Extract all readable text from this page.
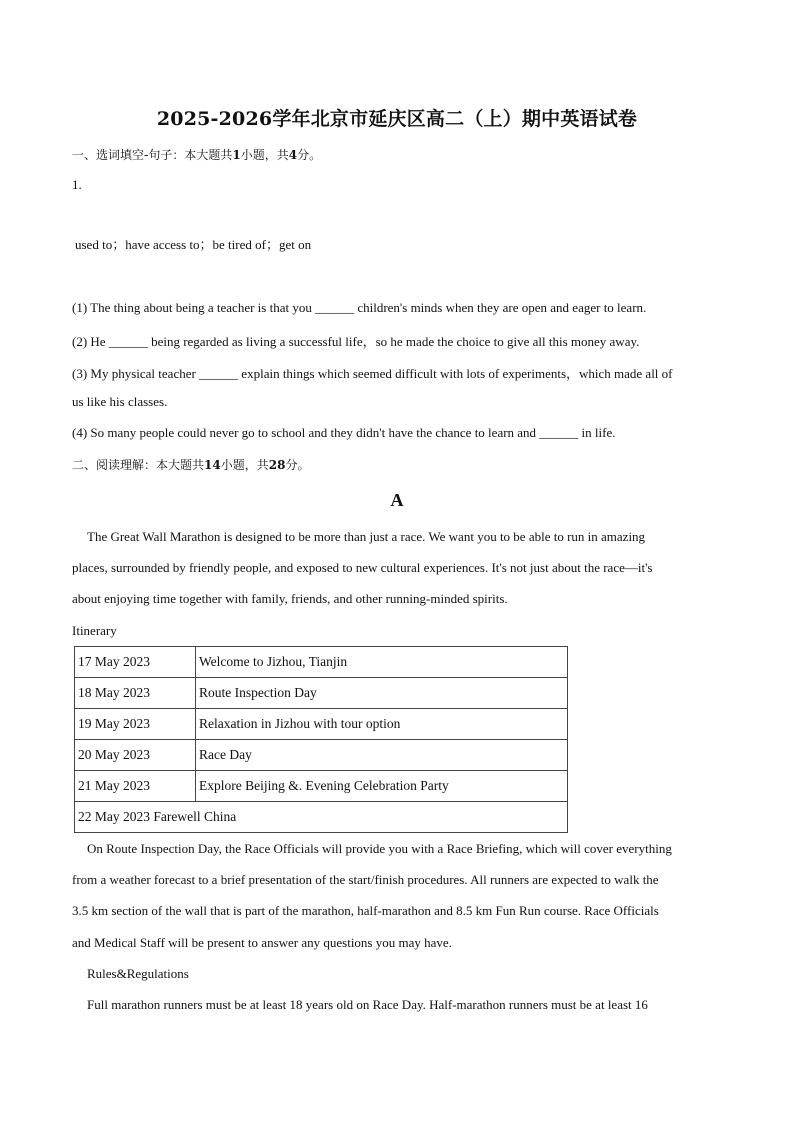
2025-2026学年北京市延庆区高二（上）期中英语试卷
一、选词填空-句子：本大题共1小题，共4分。
1.
used to；have access to；be tired of；get on
(1) The thing about being a teacher is that you ______ children's minds when they are open and eager to learn.
(2) He ______ being regarded as living a successful life，so he made the choice to give all this money away.
(3) My physical teacher ______ explain things which seemed difficult with lots of experiments，which made all of
us like his classes.
(4) So many people could never go to school and they didn't have the chance to learn and ______ in life.
二、阅读理解：本大题共14小题，共28分。
A
The Great Wall Marathon is designed to be more than just a race. We want you to be able to run in amazing
places, surrounded by friendly people, and exposed to new cultural experiences. It's not just about the race—it's
about enjoying time together with family, friends, and other running-minded spirits.
Itinerary
17 May 2023	Welcome to Jizhou, Tianjin
18 May 2023	Route Inspection Day
19 May 2023	Relaxation in Jizhou with tour option
20 May 2023	Race Day
21 May 2023	Explore Beijing &. Evening Celebration Party
22 May 2023 Farewell China	
On Route Inspection Day, the Race Officials will provide you with a Race Briefing, which will cover everything
from a weather forecast to a brief presentation of the start/finish procedures. All runners are expected to walk the
3.5 km section of the wall that is part of the marathon, half-marathon and 8.5 km Fun Run course. Race Officials
and Medical Staff will be present to answer any questions you may have.
Rules&Regulations
Full marathon runners must be at least 18 years old on Race Day. Half-marathon runners must be at least 16
